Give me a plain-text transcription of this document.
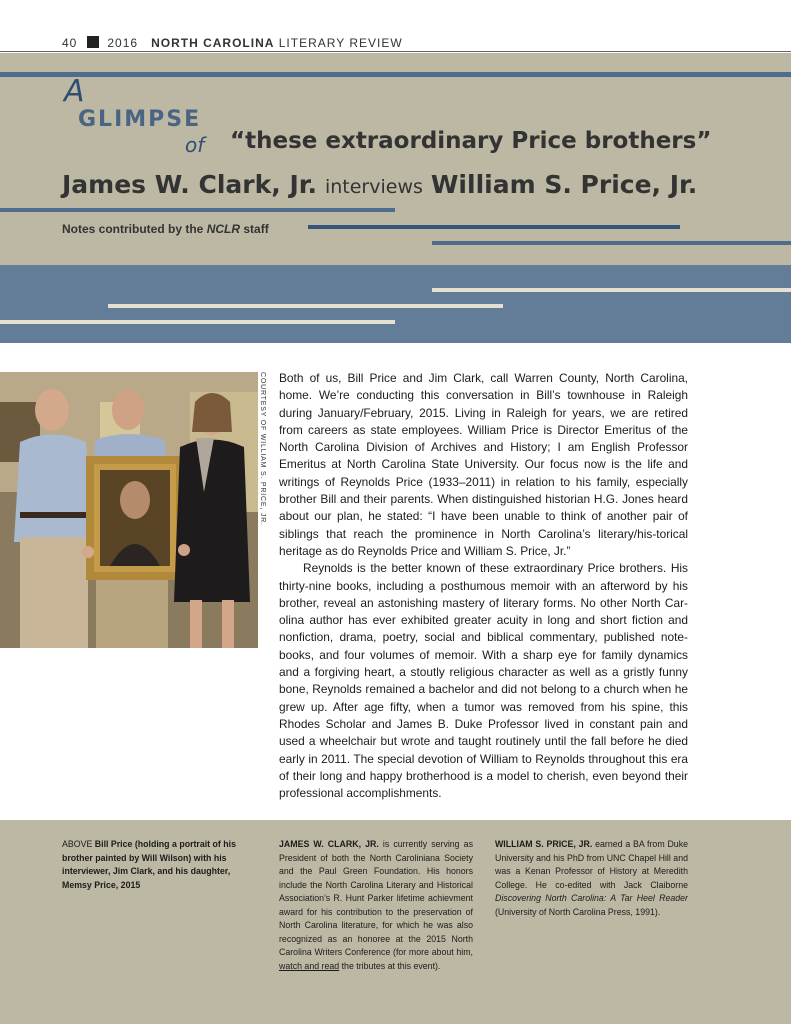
40	2016 NORTH CAROLINA LITERARY REVIEW
A
GLIMPSE
of “these extraordinary Price brothers”
James W. Clark, Jr. interviews William S. Price, Jr.
Notes contributed by the NCLR staff
COURTESY OF WILLIAM S. PRICE, JR. Both of us, Bill Price and Jim Clark, call Warren County, North Carolina, home. We’re conducting this conversation in Bill’s townhouse in Raleigh during January/February, 2015. Living in Raleigh for years, we are retired from careers as state employees. William Price is Director Emeritus of the North Carolina Division of Archives and History; I am English Professor Emeritus at North Carolina State University. Our focus now is the life and writings of Reynolds Price (1933–2011) in relation to his family, especially brother Bill and their parents. When distinguished historian H.G. Jones heard about our plan, he stated: “I have been unable to think of another pair of siblings that reach the prominence in North Carolina’s literary/his-torical heritage as do Reynolds Price and William S. Price, Jr.”

Reynolds is the better known of these extraordinary Price brothers. His thirty-nine books, including a posthumous memoir with an afterword by his brother, reveal an astonishing mastery of literary forms. No other North Car-olina author has ever exhibited greater acuity in long and short fiction and nonfiction, drama, poetry, social and biblical commentary, published note-books, and four volumes of memoir. With a sharp eye for family dynamics and a forgiving heart, a stoutly religious character as well as a gristly funny bone, Reynolds remained a bachelor and did not belong to a church when he grew up. After age fifty, when a tumor was removed from his spine, this Rhodes Scholar and James B. Duke Professor lived in constant pain and used a wheelchair but wrote and taught routinely until the fall before he died early in 2011. The special devotion of William to Reynolds throughout this era of their long and happy brotherhood is a model to cherish, even beyond their professional accomplishments.

ABOVE Bill Price (holding a portrait of his brother painted by Will Wilson) with his interviewer, Jim Clark, and his daughter, Memsy Price, 2015
JAMES W. CLARK, JR. is currently serving as President of both the North Caroliniana Society and the Paul Green Foundation. His honors include the North Carolina Literary and Historical Association’s R. Hunt Parker lifetime achievment award for his contribution to the preservation of North Carolina literature, for which he was also recognized as an honoree at the 2015 North Carolina Writers Conference (for more about him, watch and read the tributes at this event).
WILLIAM S. PRICE, JR. earned a BA from Duke University and his PhD from UNC Chapel Hill and was a Kenan Professor of History at Meredith College. He co-edited with Jack Claiborne Discovering North Carolina: A Tar Heel Reader (University of North Carolina Press, 1991).
